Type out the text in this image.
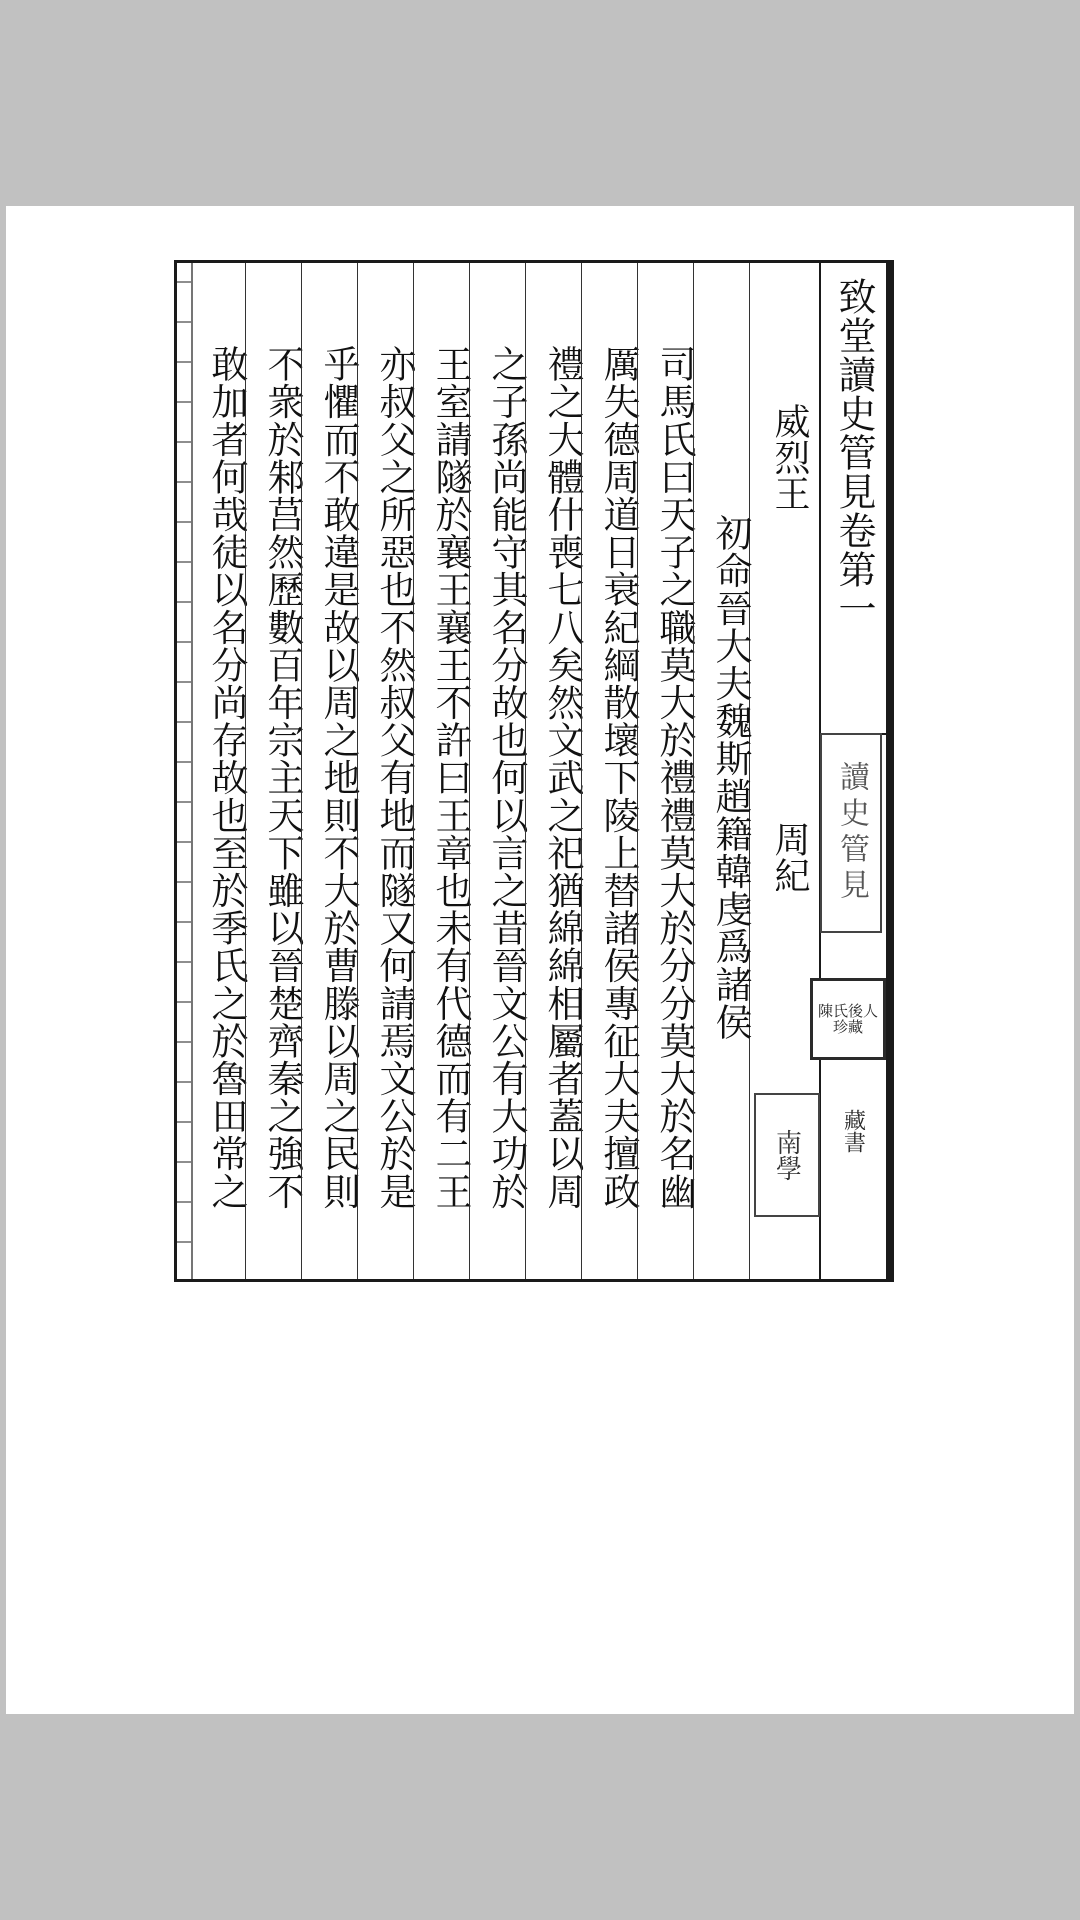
致堂讀史管見卷第一
讀史管見
陳氏後人珍藏
藏書
威烈王
周紀
南學
初命晉大夫魏斯趙籍韓虔爲諸侯
司馬氏曰天子之職莫大於禮禮莫大於分分莫大於名幽
厲失德周道日衰紀綱散壞下陵上替諸侯專征大夫擅政
禮之大體什喪七八矣然文武之祀猶綿綿相屬者蓋以周
之子孫尚能守其名分故也何以言之昔晉文公有大功於
王室請隧於襄王襄王不許曰王章也未有代德而有二王
亦叔父之所惡也不然叔父有地而隧又何請焉文公於是
乎懼而不敢違是故以周之地則不大於曹滕以周之民則
不衆於邾莒然歷數百年宗主天下雖以晉楚齊秦之強不
敢加者何哉徒以名分尚存故也至於季氏之於魯田常之
